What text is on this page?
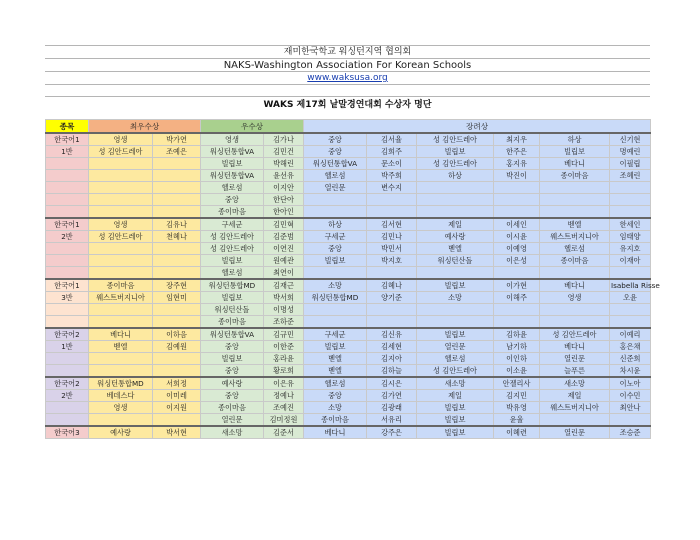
재미한국학교 워싱턴지역 협의회
NAKS-Washington Association For Korean Schools
www.waksusa.org
WAKS 제17회 낱말경연대회 수상자 명단
종목	최우수상		우수상		장려상					
한국어1	영생	박가연	영생	김가나	중앙	김서율	성 김안드레아	최지우	하상	신기현
1반	성 김안드레아	조예은	워싱턴통합VA	김민건	중앙	김희주	빌립보	한주은	빌립보	명예린
			빌립보	박해린	워싱턴통합VA	문소이	성 김안드레아	홍지유	베다니	이필립
			워싱턴통합VA	윤선유	헬로섬	박주희	하상	박진이	종이마음	조혜린
			헬로섬	이지안	열린문	변수지				
			중앙	한단아						
			종이마음	한아인						
한국어1	영생	김유나	구세군	김민혁	하상	김서현	제일	이세인	벧엘	한세인
2반	성 김안드레아	천혜나	성 김안드레아	김준범	구세군	김민나	예사랑	이시윤	웨스트버지니아	임태양
			성 김안드레아	이연진	중앙	박민서	벧엘	이예영	헬로섬	유지호
			빌립보	원예관	빌립보	박지호	워싱턴산돌	이은성	종이마음	이재아
			헬로섬	최연이						
한국어1	종이마음	장주현	워싱턴통합MD	김재근	소망	김혜나	빌립보	이가현	베다니	Isabella Risse
3반	웨스트버지니아	임현미	빌립보	박서희	워싱턴통합MD	양기준	소망	이해주	영생	오윤
			워싱턴산돌	이명성						
			종이마음	조하준						
한국어2	베다니	이하음	워싱턴통합VA	김규민	구세군	김신유	빌립보	김하윤	성 김안드레아	이예리
1반	벧엘	김예원	중앙	이한준	빌립보	김세현	열린문	남기하	베다니	홍은채
			빌립보	홍라윤	벧엘	김지아	헬로섬	이인하	열린문	신준희
			중앙	황로희	벧엘	김하늘	성 김안드레아	이소윤	늘푸른	차시윤
한국어2	워싱턴통합MD	서희정	예사랑	이은유	헬로섬	김시은	새소망	안젤리사	새소망	이노아
2반	베데스다	이미레	중앙	정예나	중앙	김가연	제일	김지민	제일	이수민
	영생	이지원	종이마음	조예진	소망	김광래	빌립보	박유영	웨스트버지니아	최안나
			열린문	김미정원	종이마음	서유리	빌립보	윤율		
한국어3	예사랑	박서현	새소망	김준서	베다니	강주은	빌립보	이혜련	열린문	조승준
